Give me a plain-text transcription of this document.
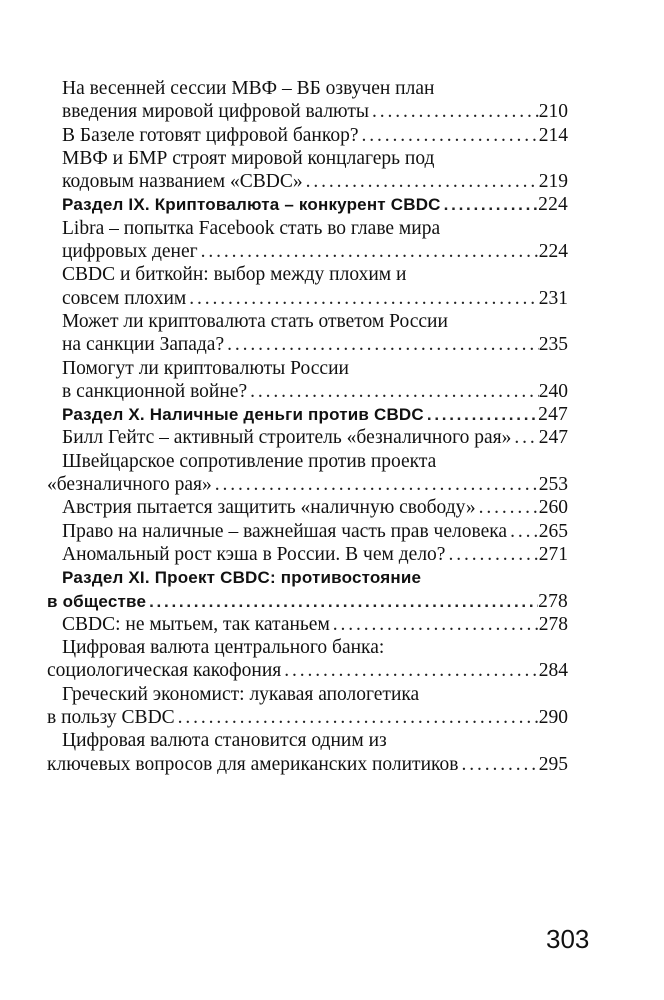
На весенней сессии МВФ – ВБ озвучен план
введения мировой цифровой валюты . . .	210
В Базеле готовят цифровой банкор? . . .	214
МВФ и БМР строят мировой концлагерь под
кодовым названием «CBDC» . . .	219
Раздел IX. Криптовалюта – конкурент CBDC . . .	224
Libra – попытка Facebook стать во главе мира
цифровых денег . . .	224
CBDC и биткойн: выбор между плохим и
совсем плохим . . .	231
Может ли криптовалюта стать ответом России
на санкции Запада? . . .	235
Помогут ли криптовалюты России
в санкционной войне? . . .	240
Раздел X. Наличные деньги против CBDC . . .	247
Билл Гейтс – активный строитель «безналичного рая» . . . 247
Швейцарское сопротивление против проекта
«безналичного рая» . . .	253
Австрия пытается защитить «наличную свободу» . . .	260
Право на наличные – важнейшая часть прав человека . . . 265
Аномальный рост кэша в России. В чем дело? . . .	271
Раздел XI. Проект CBDC: противостояние
в обществе . . .	278
CBDC: не мытьем, так катаньем . . .	278
Цифровая валюта центрального банка:
социологическая какофония . . .	284
Греческий экономист: лукавая апологетика
в пользу CBDC . . .	290
Цифровая валюта становится одним из
ключевых вопросов для американских политиков . . .	295
303
